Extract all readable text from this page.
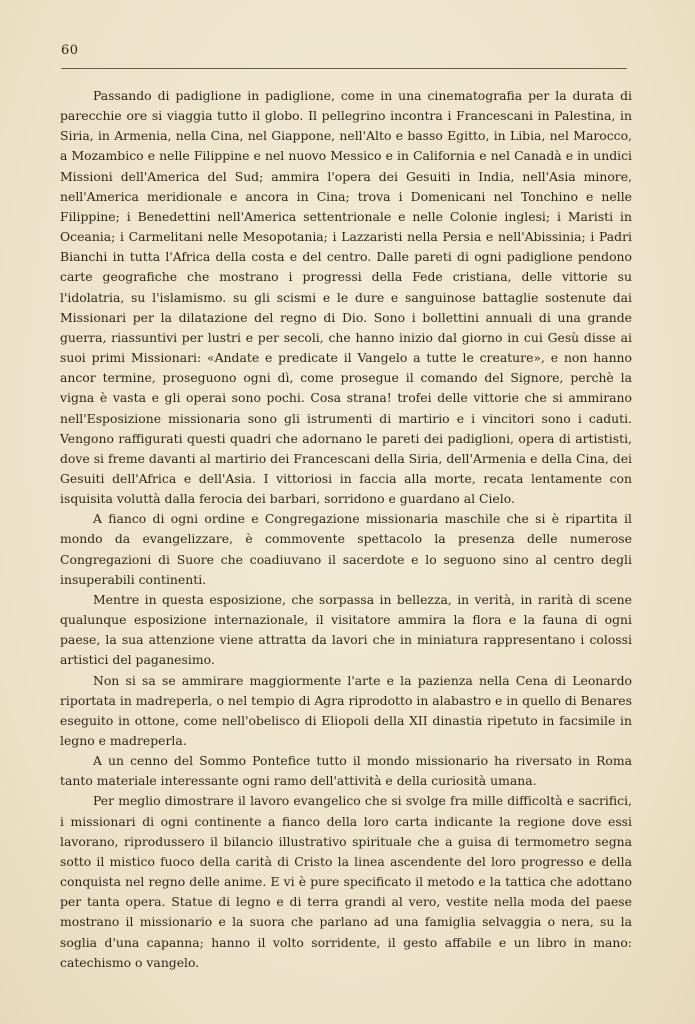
60

Passando di padiglione in padiglione, come in una cinematografia per la durata di parecchie ore si viaggia tutto il globo. Il pellegrino incontra i Francescani in Palestina, in Siria, in Armenia, nella Cina, nel Giappone, nell'Alto e basso Egitto, in Libia, nel Marocco, a Mozambico e nelle Filippine e nel nuovo Messico e in California e nel Canadà e in undici Missioni dell'America del Sud; ammira l'opera dei Gesuiti in India, nell'Asia minore, nell'America meridionale e ancora in Cina; trova i Domenicani nel Tonchino e nelle Filippine; i Benedettini nell'America settentrionale e nelle Colonie inglesi; i Maristi in Oceania; i Carmelitani nelle Mesopotania; i Lazzaristi nella Persia e nell'Abissinia; i Padri Bianchi in tutta l'Africa della costa e del centro. Dalle pareti di ogni padiglione pendono carte geografiche che mostrano i progressi della Fede cristiana, delle vittorie su l'idolatria, su l'islamismo. su gli scismi e le dure e sanguinose battaglie sostenute dai Missionari per la dilatazione del regno di Dio. Sono i bollettini annuali di una grande guerra, riassuntivi per lustri e per secoli, che hanno inizio dal giorno in cui Gesù disse ai suoi primi Missionari: «Andate e predicate il Vangelo a tutte le creature», e non hanno ancor termine, proseguono ogni dì, come prosegue il comando del Signore, perchè la vigna è vasta e gli operai sono pochi. Cosa strana! trofei delle vittorie che si ammirano nell'Esposizione missionaria sono gli istrumenti di martirio e i vincitori sono i caduti. Vengono raffigurati questi quadri che adornano le pareti dei padiglioni, opera di artististi, dove si freme davanti al martirio dei Francescani della Siria, dell'Armenia e della Cina, dei Gesuiti dell'Africa e dell'Asia. I vittoriosi in faccia alla morte, recata lentamente con isquisita voluttà dalla ferocia dei barbari, sorridono e guardano al Cielo.

A fianco di ogni ordine e Congregazione missionaria maschile che si è ripartita il mondo da evangelizzare, è commovente spettacolo la presenza delle numerose Congregazioni di Suore che coadiuvano il sacerdote e lo seguono sino al centro degli insuperabili continenti.

Mentre in questa esposizione, che sorpassa in bellezza, in verità, in rarità di scene qualunque esposizione internazionale, il visitatore ammira la flora e la fauna di ogni paese, la sua attenzione viene attratta da lavori che in miniatura rappresentano i colossi artistici del paganesimo.

Non si sa se ammirare maggiormente l'arte e la pazienza nella Cena di Leonardo riportata in madreperla, o nel tempio di Agra riprodotto in alabastro e in quello di Benares eseguito in ottone, come nell'obelisco di Eliopoli della XII dinastia ripetuto in facsimile in legno e madreperla.

A un cenno del Sommo Pontefice tutto il mondo missionario ha riversato in Roma tanto materiale interessante ogni ramo dell'attività e della curiosità umana.

Per meglio dimostrare il lavoro evangelico che si svolge fra mille difficoltà e sacrifici, i missionari di ogni continente a fianco della loro carta indicante la regione dove essi lavorano, riprodussero il bilancio illustrativo spirituale che a guisa di termometro segna sotto il mistico fuoco della carità di Cristo la linea ascendente del loro progresso e della conquista nel regno delle anime. E vi è pure specificato il metodo e la tattica che adottano per tanta opera. Statue di legno e di terra grandi al vero, vestite nella moda del paese mostrano il missionario e la suora che parlano ad una famiglia selvaggia o nera, su la soglia d'una capanna; hanno il volto sorridente, il gesto affabile e un libro in mano: catechismo o vangelo.
